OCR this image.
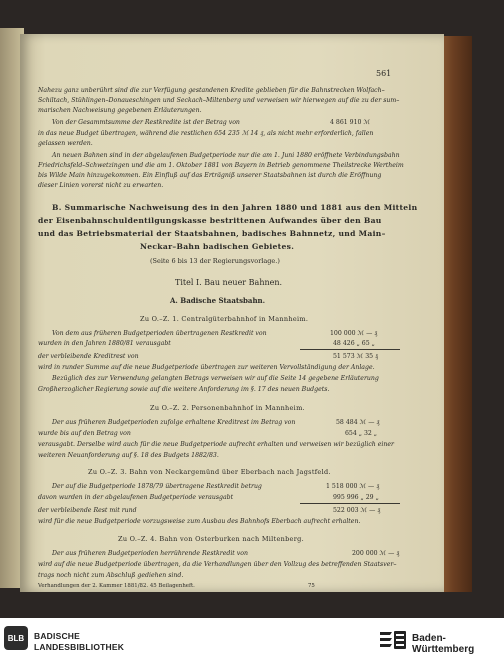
561
Nahezu ganz unberührt sind die zur Verfügung gestandenen Kredite geblieben für die Bahnstrecken Wolfach–
Schiltach, Stühlingen–Donaueschingen und Seckach–Miltenberg und verweisen wir hierwegen auf die zu der sum–
marischen Nachweisung gegebenen Erläuterungen.
Von der Gesammtsumme der Restkredite ist der Betrag von	4 861 910 ℳ
in das neue Budget übertragen, während die restlichen 654 235 ℳ 14 ₰, als nicht mehr erforderlich, fallen
gelassen werden.
An neuen Bahnen sind in der abgelaufenen Budgetperiode nur die am 1. Juni 1880 eröffnete Verbindungsbahn
Friedrichsfeld–Schwetzingen und die am 1. Oktober 1881 von Bayern in Betrieb genommene Theilstrecke Wertheim
bis Wilde Main hinzugekommen. Ein Einfluß auf das Erträgniß unserer Staatsbahnen ist durch die Eröffnung
dieser Linien vorerst nicht zu erwarten.
B. Summarische Nachweisung des in den Jahren 1880 und 1881 aus den Mitteln
der Eisenbahnschuldentilgungskasse bestrittenen Aufwandes über den Bau
und das Betriebsmaterial der Staatsbahnen, badisches Bahnnetz, und Main–
Neckar–Bahn badischen Gebietes.
(Seite 6 bis 13 der Regierungsvorlage.)
Titel I. Bau neuer Bahnen.
A. Badische Staatsbahn.
Zu O.–Z. 1. Centralgüterbahnhof in Mannheim.
Von dem aus früheren Budgetperioden übertragenen Restkredit von	100 000 ℳ — ₰
wurden in den Jahren 1880/81 verausgabt	48 426 „ 65 „
der verbleibende Kreditrest von	51 573 ℳ 35 ₰
wird in runder Summe auf die neue Budgetperiode übertragen zur weiteren Vervollständigung der Anlage.
Bezüglich des zur Verwendung gelangten Betrags verweisen wir auf die Seite 14 gegebene Erläuterung
Großherzoglicher Regierung sowie auf die weitere Anforderung im §. 17 des neuen Budgets.
Zu O.–Z. 2. Personenbahnhof in Mannheim.
Der aus früheren Budgetperioden zufolge erhaltene Kreditrest im Betrag von	58 484 ℳ — ₰
wurde bis auf den Betrag von	654 „ 32 „
verausgabt. Derselbe wird auch für die neue Budgetperiode aufrecht erhalten und verweisen wir bezüglich einer
weiteren Neuanforderung auf §. 18 des Budgets 1882/83.
Zu O.–Z. 3. Bahn von Neckargemünd über Eberbach nach Jagstfeld.
Der auf die Budgetperiode 1878/79 übertragene Restkredit betrug	1 518 000 ℳ — ₰
davon wurden in der abgelaufenen Budgetperiode verausgabt	995 996 „ 29 „
der verbleibende Rest mit rund	522 003 ℳ — ₰
wird für die neue Budgetperiode vorzugsweise zum Ausbau des Bahnhofs Eberbach aufrecht erhalten.
Zu O.–Z. 4. Bahn von Osterburken nach Miltenberg.
Der aus früheren Budgetperioden herrührende Restkredit von	200 000 ℳ — ₰
wird auf die neue Budgetperiode übertragen, da die Verhandlungen über den Vollzug des betreffenden Staatsver–
trags noch nicht zum Abschluß gediehen sind.
Verhandlungen der 2. Kammer 1881/82. 45 Beilagenheft.	75
BLB	BADISCHE
LANDESBIBLIOTHEK
Baden-Württemberg
